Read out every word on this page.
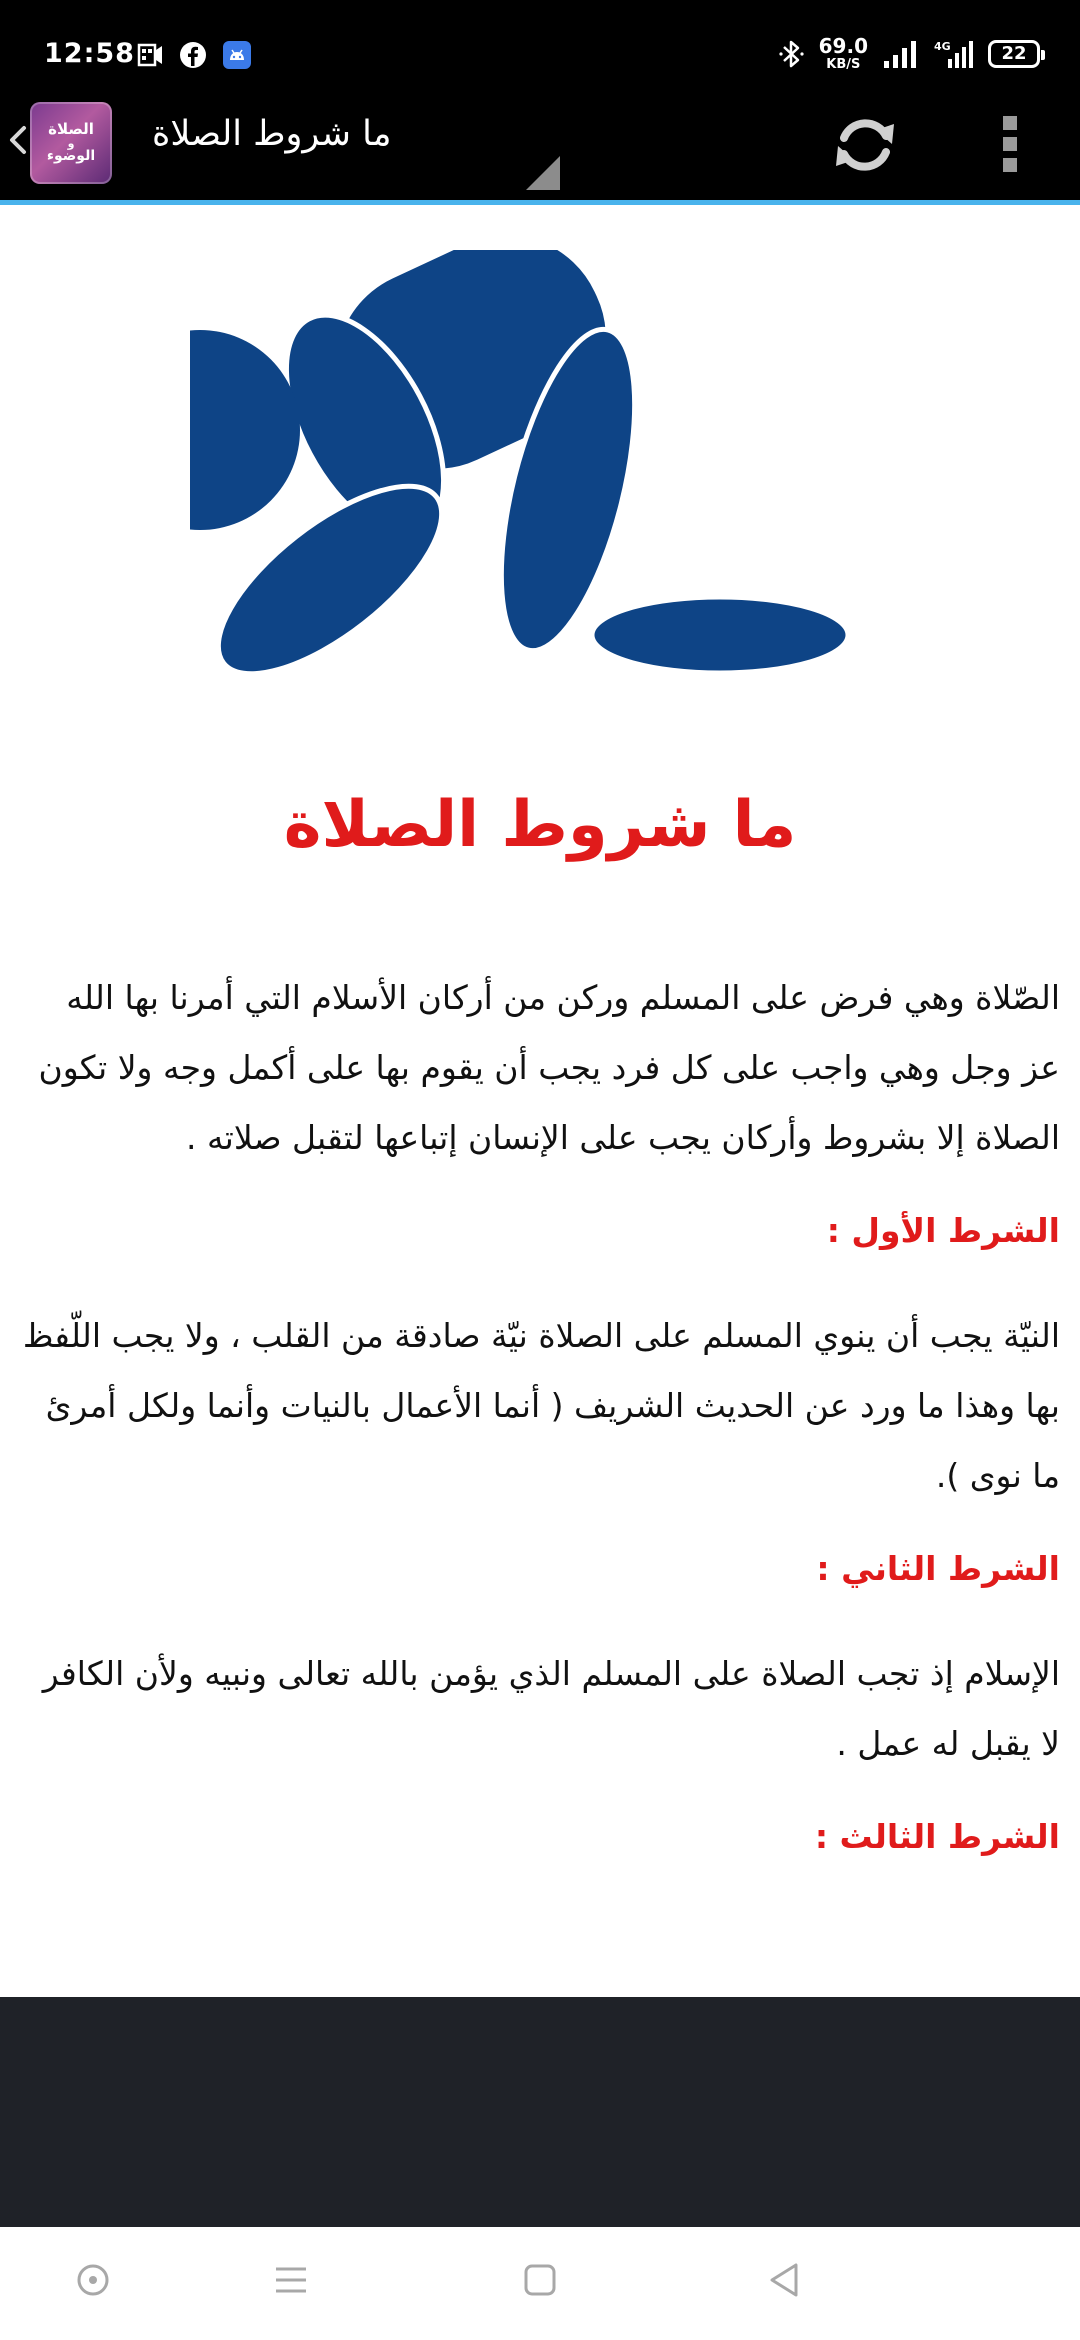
12:58	69.0
KB/S
4G	22
الصلاة
و
الوضوء
ما شروط الصلاة
ما شروط الصلاة

الصّلاة وهي فرض على المسلم وركن من أركان الأسلام التي أمرنا بها الله عز وجل وهي واجب على كل فرد يجب أن يقوم بها على أكمل وجه ولا تكون الصلاة إلا بشروط وأركان يجب على الإنسان إتباعها لتقبل صلاته .

الشرط الأول :

النيّة يجب أن ينوي المسلم على الصلاة نيّة صادقة من القلب ، ولا يجب اللّفظ بها وهذا ما ورد عن الحديث الشريف ( أنما الأعمال بالنيات وأنما ولكل أمرئ ما نوى ).

الشرط الثاني :

الإسلام إذ تجب الصلاة على المسلم الذي يؤمن بالله تعالى ونبيه ولأن الكافر لا يقبل له عمل .

الشرط الثالث :
